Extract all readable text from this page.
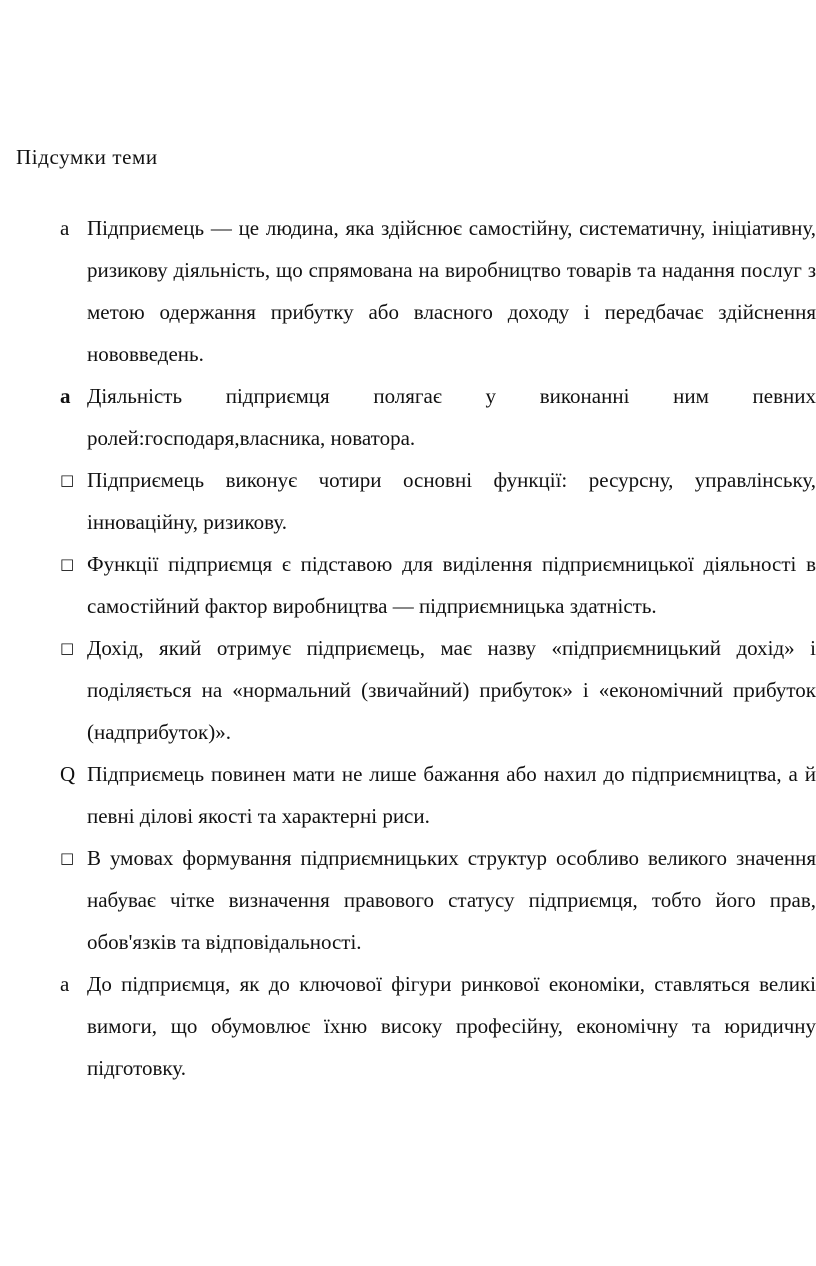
Підсумки теми
a Підприємець — це людина, яка здійснює самостійну, систематичну, ініціативну, ризикову діяльність, що спрямована на виробництво товарів та надання послуг з метою одержання прибутку або власного доходу і передбачає здійснення нововведень.
a Діяльність підприємця полягає у виконанні ним певних ролей:господаря,власника, новатора.
□ Підприємець виконує чотири основні функції: ресурсну, управлінську, інноваційну, ризикову.
□ Функції підприємця є підставою для виділення підприємницької діяльності в самостійний фактор виробництва — підприємницька здатність.
□ Дохід, який отримує підприємець, має назву «підприємницький дохід» і поділяється на «нормальний (звичайний) прибуток» і «економічний прибуток (надприбуток)».
Q Підприємець повинен мати не лише бажання або нахил до підприємництва, а й певні ділові якості та характерні риси.
□ В умовах формування підприємницьких структур особливо великого значення набуває чітке визначення правового статусу підприємця, тобто його прав, обов'язків та відповідальності.
a До підприємця, як до ключової фігури ринкової економіки, ставляться великі вимоги, що обумовлює їхню високу професійну, економічну та юридичну підготовку.
